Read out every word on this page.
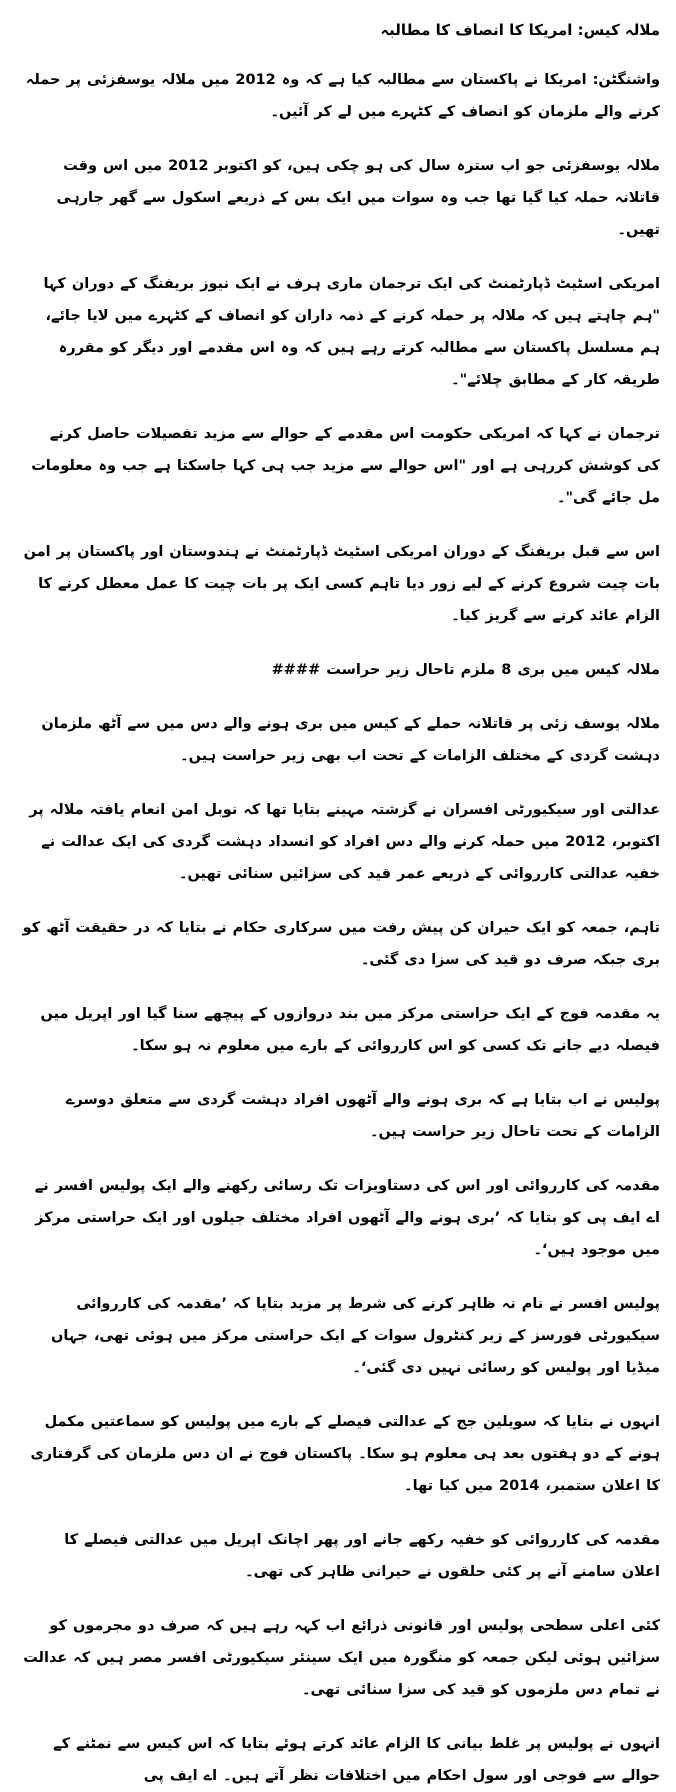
ملالہ کیس: امریکا کا انصاف کا مطالبہ

واشنگٹن: امریکا نے پاکستان سے مطالبہ کیا ہے کہ وہ 2012 میں ملالہ یوسفزئی پر حملہ کرنے والے ملزمان کو انصاف کے کٹہرے میں لے کر آئیں۔

ملالہ یوسفزئی جو اب سترہ سال کی ہو چکی ہیں، کو اکتوبر 2012 میں اس وقت قاتلانہ حملہ کیا گیا تھا جب وہ سوات میں ایک بس کے ذریعے اسکول سے گھر جارہی تھیں۔

امریکی اسٹیٹ ڈپارٹمنٹ کی ایک ترجمان ماری ہرف نے ایک نیوز بریفنگ کے دوران کہا "ہم چاہتے ہیں کہ ملالہ پر حملہ کرنے کے ذمہ داران کو انصاف کے کٹہرے میں لایا جائے، ہم مسلسل پاکستان سے مطالبہ کرتے رہے ہیں کہ وہ اس مقدمے اور دیگر کو مقررہ طریقہ کار کے مطابق چلائے"۔

ترجمان نے کہا کہ امریکی حکومت اس مقدمے کے حوالے سے مزید تفصیلات حاصل کرنے کی کوشش کررہی ہے اور "اس حوالے سے مزید جب ہی کہا جاسکتا ہے جب وہ معلومات مل جائے گی"۔

اس سے قبل بریفنگ کے دوران امریکی اسٹیٹ ڈپارٹمنٹ نے ہندوستان اور پاکستان پر امن بات چیت شروع کرنے کے لیے زور دیا تاہم کسی ایک پر بات چیت کا عمل معطل کرنے کا الزام عائد کرنے سے گریز کیا۔

ملالہ کیس میں بری 8 ملزم تاحال زیر حراست ####

ملالہ یوسف زئی پر قاتلانہ حملے کے کیس میں بری ہونے والے دس میں سے آٹھ ملزمان دہشت گردی کے مختلف الزامات کے تحت اب بھی زیر حراست ہیں۔

عدالتی اور سیکیورٹی افسران نے گزشتہ مہینے بتایا تھا کہ نوبل امن انعام یافتہ ملالہ پر اکتوبر، 2012 میں حملہ کرنے والے دس افراد کو انسداد دہشت گردی کی ایک عدالت نے خفیہ عدالتی کارروائی کے ذریعے عمر قید کی سزائیں سنائی تھیں۔

تاہم، جمعہ کو ایک حیران کن پیش رفت میں سرکاری حکام نے بتایا کہ در حقیقت آٹھ کو بری جبکہ صرف دو قید کی سزا دی گئی۔

یہ مقدمہ فوج کے ایک حراستی مرکز میں بند دروازوں کے پیچھے سنا گیا اور اپریل میں فیصلہ دیے جانے تک کسی کو اس کارروائی کے بارے میں معلوم نہ ہو سکا۔

پولیس نے اب بتایا ہے کہ بری ہونے والے آٹھوں افراد دہشت گردی سے متعلق دوسرے الزامات کے تحت تاحال زیر حراست ہیں۔

مقدمہ کی کارروائی اور اس کی دستاویزات تک رسائی رکھنے والے ایک پولیس افسر نے اے ایف پی کو بتایا کہ ’بری ہونے والے آٹھوں افراد مختلف جیلوں اور ایک حراستی مرکز میں موجود ہیں‘۔

پولیس افسر نے نام نہ ظاہر کرنے کی شرط پر مزید بتایا کہ ’مقدمہ کی کارروائی سیکیورٹی فورسز کے زیر کنٹرول سوات کے ایک حراستی مرکز میں ہوئی تھی، جہاں میڈیا اور پولیس کو رسائی نہیں دی گئی‘۔

انہوں نے بتایا کہ سویلین جج کے عدالتی فیصلے کے بارے میں پولیس کو سماعتیں مکمل ہونے کے دو ہفتوں بعد ہی معلوم ہو سکا۔ پاکستان فوج نے ان دس ملزمان کی گرفتاری کا اعلان ستمبر، 2014 میں کیا تھا۔

مقدمہ کی کارروائی کو خفیہ رکھے جانے اور پھر اچانک اپریل میں عدالتی فیصلے کا اعلان سامنے آنے پر کئی حلقوں نے حیرانی ظاہر کی تھی۔

کئی اعلی سطحی پولیس اور قانونی ذرائع اب کہہ رہے ہیں کہ صرف دو مجرموں کو سزائیں ہوئی لیکن جمعہ کو منگورہ میں ایک سینئر سیکیورٹی افسر مصر ہیں کہ عدالت نے تمام دس ملزموں کو قید کی سزا سنائی تھی۔

انہوں نے پولیس پر غلط بیانی کا الزام عائد کرتے ہوئے بتایا کہ اس کیس سے نمٹنے کے حوالے سے فوجی اور سول احکام میں اختلافات نظر آتے ہیں۔ اے ایف پی
